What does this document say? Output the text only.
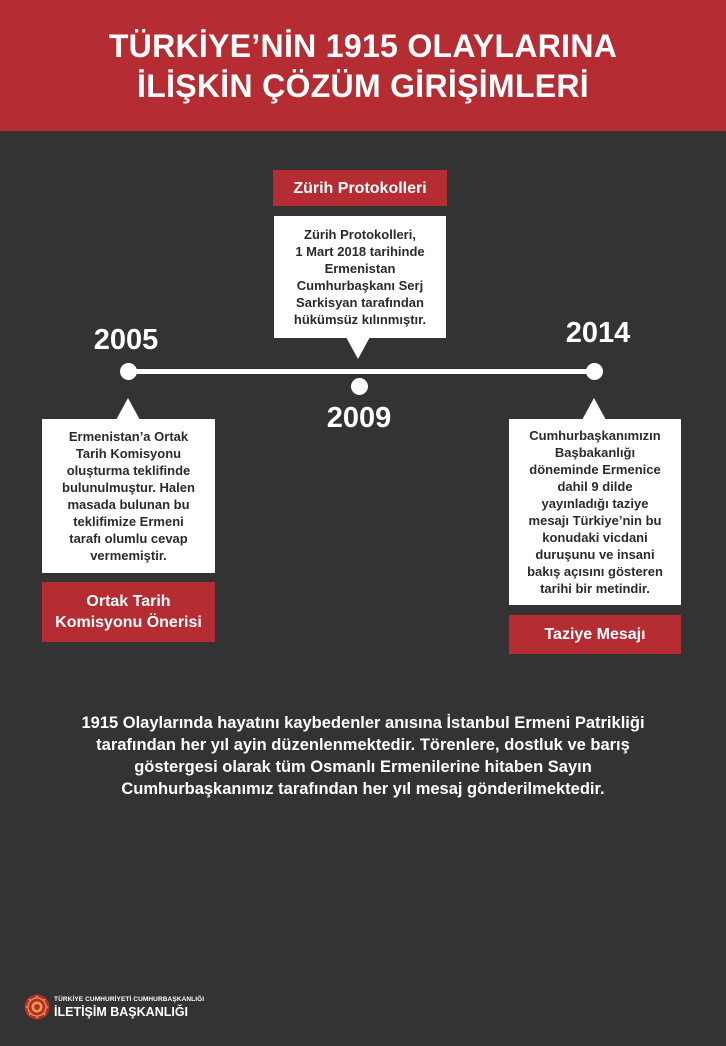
TÜRKİYE’NİN 1915 OLAYLARINA
İLİŞKİN ÇÖZÜM GİRİŞİMLERİ
2005
2009
2014
Zürih Protokolleri
Zürih Protokolleri,
1 Mart 2018 tarihinde
Ermenistan
Cumhurbaşkanı Serj
Sarkisyan tarafından
hükümsüz kılınmıştır.
Ermenistan’a Ortak
Tarih Komisyonu
oluşturma teklifinde
bulunulmuştur. Halen
masada bulunan bu
teklifimize Ermeni
tarafı olumlu cevap
vermemiştir.
Ortak Tarih
Komisyonu Önerisi
Cumhurbaşkanımızın
Başbakanlığı
döneminde Ermenice
dahil 9 dilde
yayınladığı taziye
mesajı Türkiye’nin bu
konudaki vicdani
duruşunu ve insani
bakış açısını gösteren
tarihi bir metindir.
Taziye Mesajı
1915 Olaylarında hayatını kaybedenler anısına İstanbul Ermeni Patrikliği
tarafından her yıl ayin düzenlenmektedir. Törenlere, dostluk ve barış
göstergesi olarak tüm Osmanlı Ermenilerine hitaben Sayın
Cumhurbaşkanımız tarafından her yıl mesaj gönderilmektedir.
TÜRKİYE CUMHURİYETİ CUMHURBAŞKANLIĞI
İLETİŞİM BAŞKANLIĞI
